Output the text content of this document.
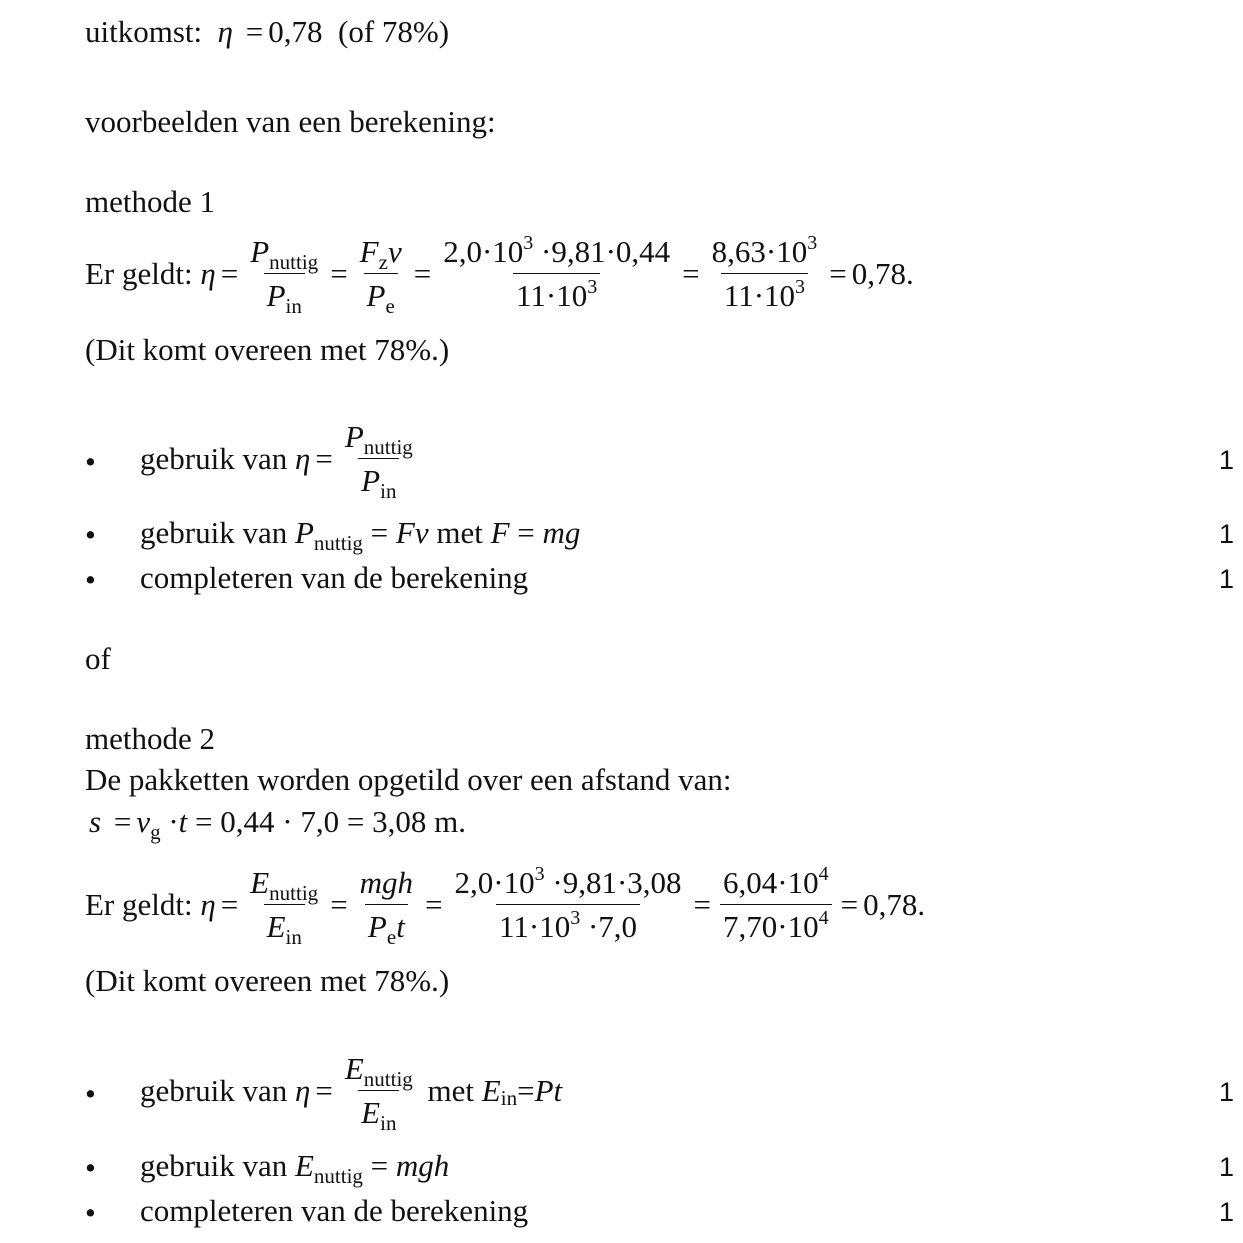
uitkomst: η = 0,78 (of 78%)
voorbeelden van een berekening:
methode 1
Er geldt:
$\eta = \frac{P_{nuttig}}{P_{in}} = \frac{F_zv}{P_e} = \frac{2,0\cdot 10^3 \cdot 9,81\cdot 0,44}{11\cdot 10^3} = \frac{8,63\cdot 10^3}{11\cdot 10^3} = 0,78$.
(Dit komt overeen met 78%.)
• gebruik van
$\eta = \frac{P_{nuttig}}{P_{in}}$	1
• gebruik van $P_{nuttig} = Fv$ met F = mg	1
• completeren van de berekening	1
of
methode 2
De pakketten worden opgetild over een afstand van:
$s = v_g \cdot t = 0,44 \cdot 7,0 = 3,08$ m.
Er geldt:
$\eta = \frac{E_{nuttig}}{E_{in}} = \frac{\text{mgh}}{P_et} = \frac{2,0\cdot 10^3 \cdot 9,81\cdot 3,08}{11\cdot 10^3 \cdot 7,0} = \frac{6,04\cdot 10^4}{7,70\cdot 10^4} = 0,78$.
(Dit komt overeen met 78%.)
• gebruik van
$\eta = \frac{E_{nuttig}}{E_{in}}$
met
E in = Pt	1
• gebruik van $E_{nuttig}$ = mgh	1
• completeren van de berekening	1
